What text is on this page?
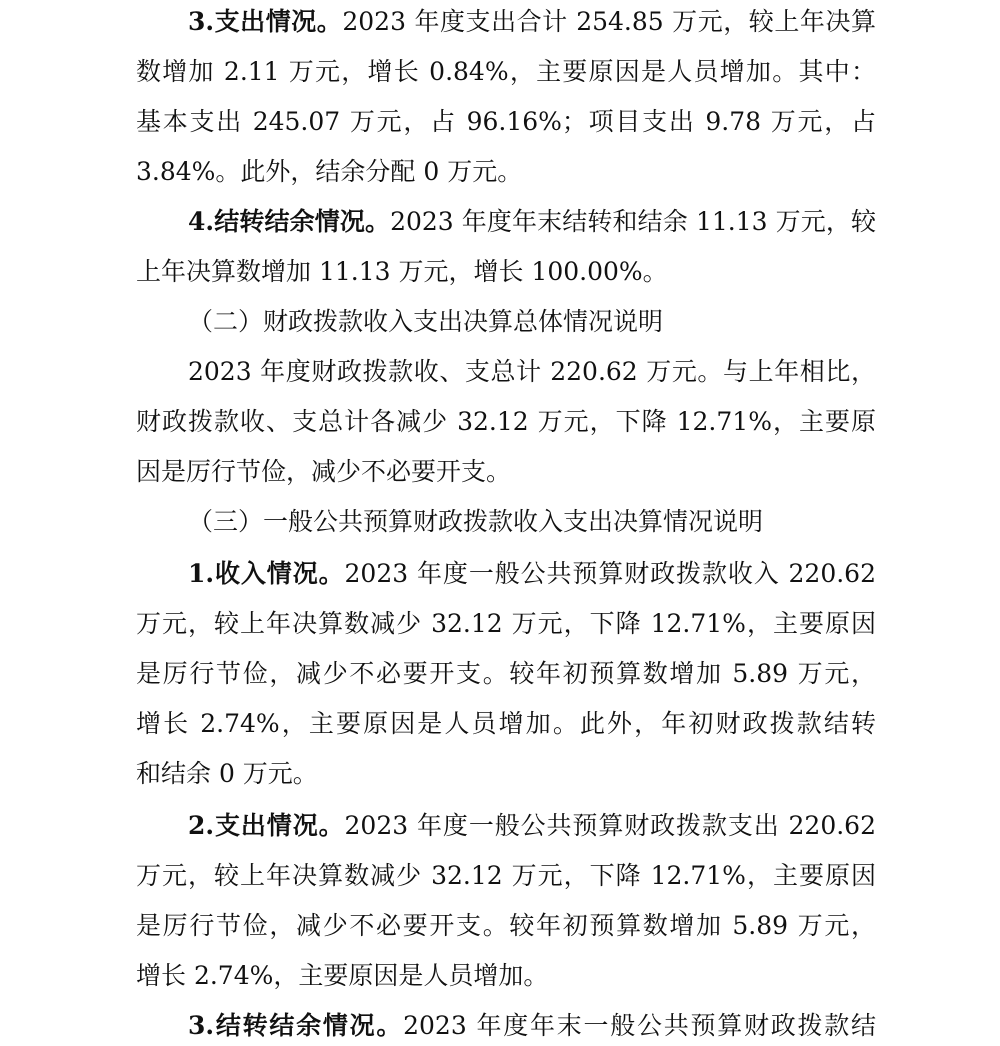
3.支出情况。2023 年度支出合计 254.85 万元，较上年决算
数增加 2.11 万元，增长 0.84%，主要原因是人员增加。其中：
基本支出 245.07 万元，占 96.16%；项目支出 9.78 万元，占
3.84%。此外，结余分配 0 万元。
4.结转结余情况。2023 年度年末结转和结余 11.13 万元，较
上年决算数增加 11.13 万元，增长 100.00%。
（二）财政拨款收入支出决算总体情况说明
2023 年度财政拨款收、支总计 220.62 万元。与上年相比，
财政拨款收、支总计各减少 32.12 万元，下降 12.71%，主要原
因是厉行节俭，减少不必要开支。
（三）一般公共预算财政拨款收入支出决算情况说明
1.收入情况。2023 年度一般公共预算财政拨款收入 220.62
万元，较上年决算数减少 32.12 万元，下降 12.71%，主要原因
是厉行节俭，减少不必要开支。较年初预算数增加 5.89 万元，
增长 2.74%，主要原因是人员增加。此外，年初财政拨款结转
和结余 0 万元。
2.支出情况。2023 年度一般公共预算财政拨款支出 220.62
万元，较上年决算数减少 32.12 万元，下降 12.71%，主要原因
是厉行节俭，减少不必要开支。较年初预算数增加 5.89 万元，
增长 2.74%，主要原因是人员增加。
3.结转结余情况。2023 年度年末一般公共预算财政拨款结
